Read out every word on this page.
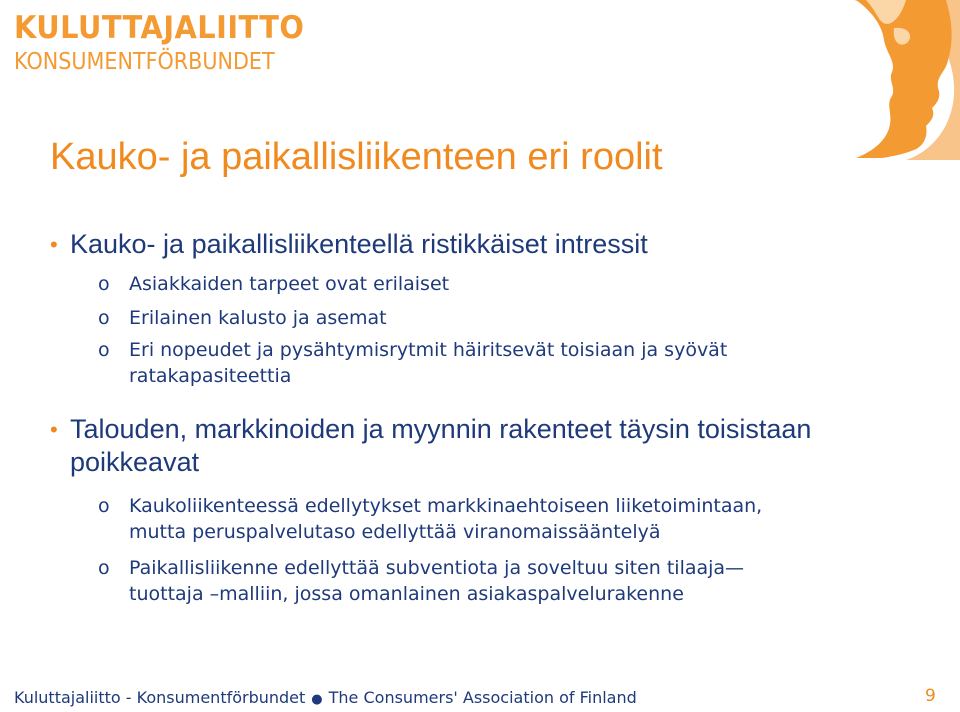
KULUTTAJALIITTO
KONSUMENTFÖRBUNDET
Kauko- ja paikallisliikenteen eri roolit
• Kauko- ja paikallisliikenteellä ristikkäiset intressit
o	Asiakkaiden tarpeet ovat erilaiset
o	Erilainen kalusto ja asemat
o	Eri nopeudet ja pysähtymisrytmit häiritsevät toisiaan ja syövät
ratakapasiteettia
• Talouden, markkinoiden ja myynnin rakenteet täysin toisistaan poikkeavat
o	Kaukoliikenteessä edellytykset markkinaehtoiseen liiketoimintaan,
mutta peruspalvelutaso edellyttää viranomaissääntelyä
o	Paikallisliikenne edellyttää subventiota ja soveltuu siten tilaaja—
tuottaja –malliin, jossa omanlainen asiakaspalvelurakenne
Kuluttajaliitto - Konsumentförbundet ● The Consumers' Association of Finland	9
